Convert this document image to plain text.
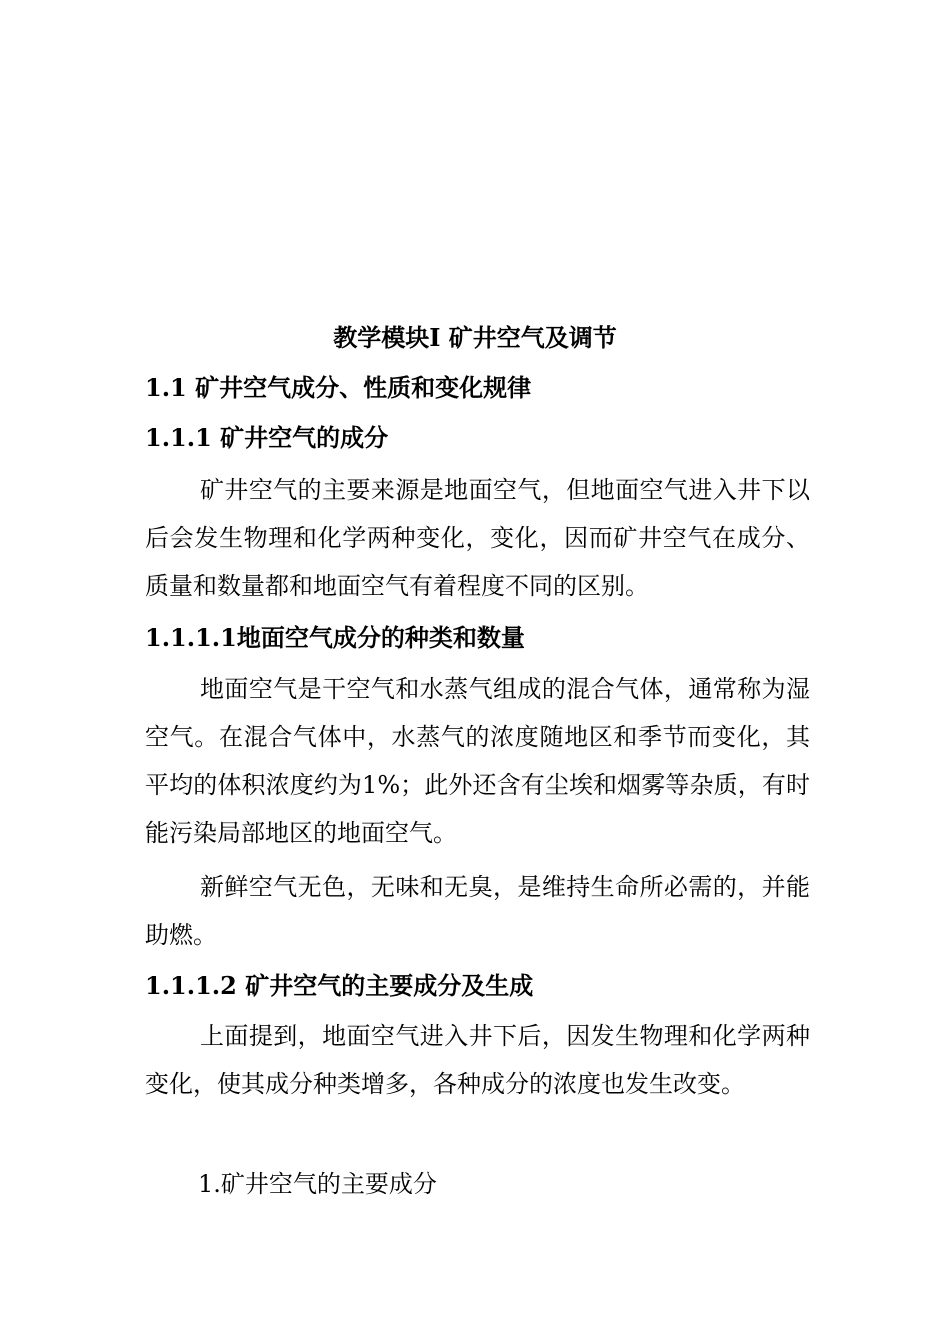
教学模块Ⅰ 矿井空气及调节
1.1 矿井空气成分、性质和变化规律
1.1.1 矿井空气的成分
矿井空气的主要来源是地面空气，但地面空气进入井下以后会发生物理和化学两种变化，变化，因而矿井空气在成分、质量和数量都和地面空气有着程度不同的区别。
1.1.1.1地面空气成分的种类和数量
地面空气是干空气和水蒸气组成的混合气体，通常称为湿空气。在混合气体中，水蒸气的浓度随地区和季节而变化，其平均的体积浓度约为1%；此外还含有尘埃和烟雾等杂质，有时能污染局部地区的地面空气。
新鲜空气无色，无味和无臭，是维持生命所必需的，并能助燃。
1.1.1.2 矿井空气的主要成分及生成
上面提到，地面空气进入井下后，因发生物理和化学两种变化，使其成分种类增多，各种成分的浓度也发生改变。
1.矿井空气的主要成分
